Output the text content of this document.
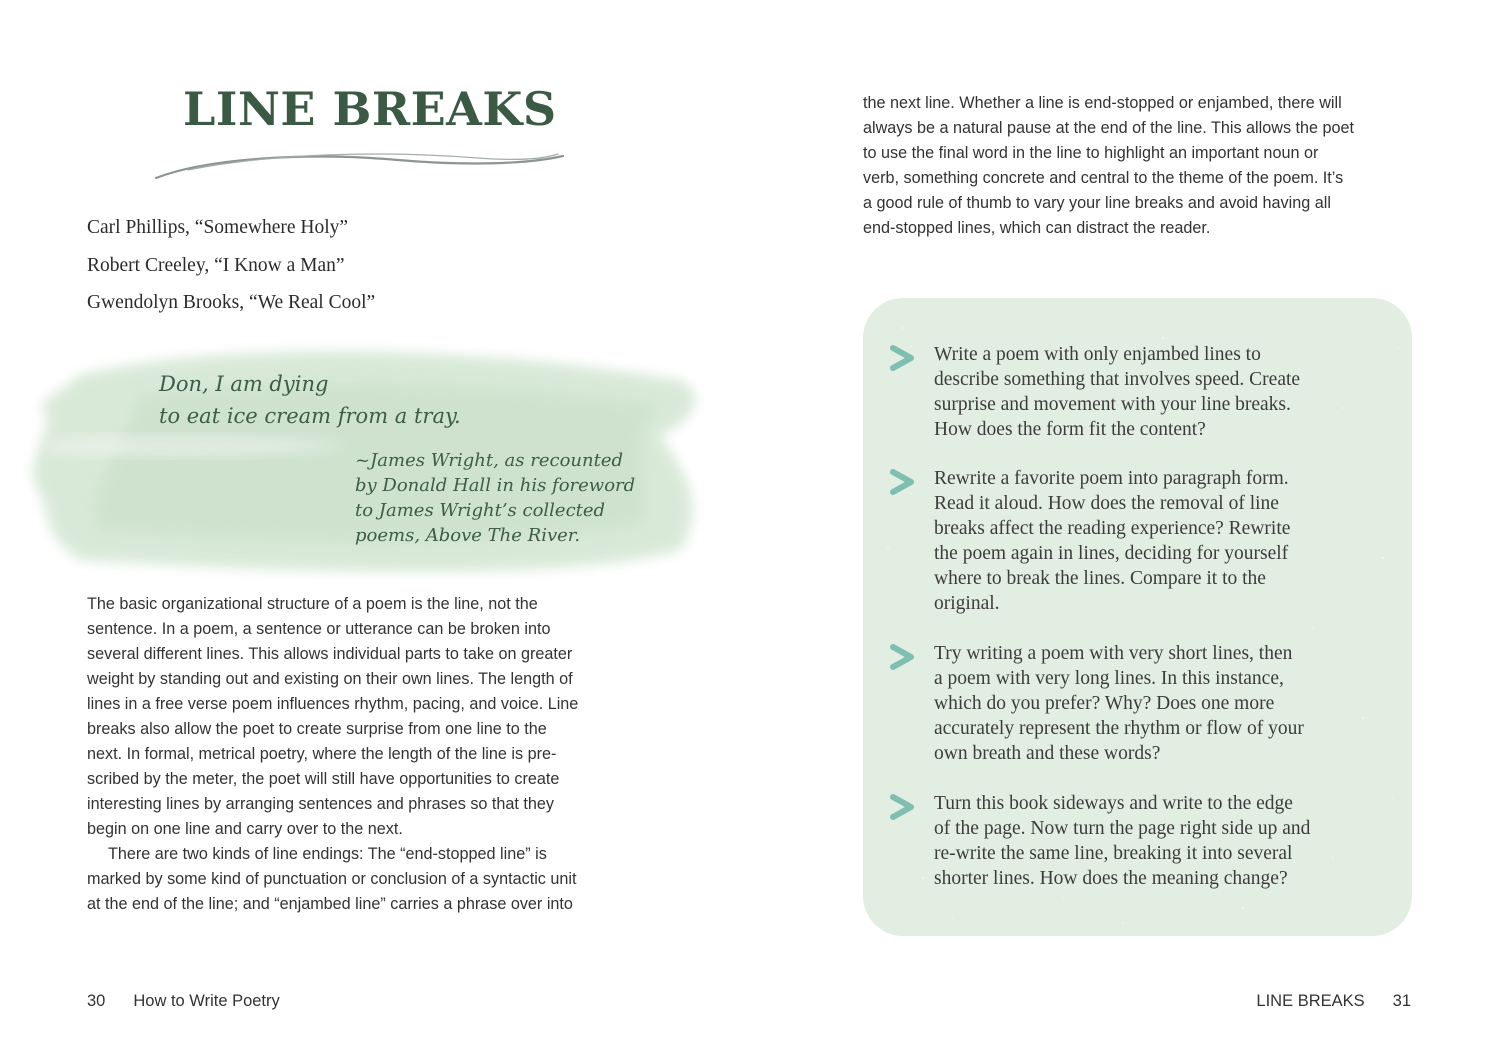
LINE BREAKS
Carl Phillips, “Somewhere Holy”
Robert Creeley, “I Know a Man”
Gwendolyn Brooks, “We Real Cool”
Don, I am dying
to eat ice cream from a tray.
~James Wright, as recounted
by Donald Hall in his foreword
to James Wright’s collected
poems, Above The River.
The basic organizational structure of a poem is the line, not the
sentence. In a poem, a sentence or utterance can be broken into
several different lines. This allows individual parts to take on greater
weight by standing out and existing on their own lines. The length of
lines in a free verse poem influences rhythm, pacing, and voice. Line
breaks also allow the poet to create surprise from one line to the
next. In formal, metrical poetry, where the length of the line is pre-
scribed by the meter, the poet will still have opportunities to create
interesting lines by arranging sentences and phrases so that they
begin on one line and carry over to the next.
There are two kinds of line endings: The “end-stopped line” is
marked by some kind of punctuation or conclusion of a syntactic unit
at the end of the line; and “enjambed line” carries a phrase over into
30 How to Write Poetry
the next line. Whether a line is end-stopped or enjambed, there will
always be a natural pause at the end of the line. This allows the poet
to use the final word in the line to highlight an important noun or
verb, something concrete and central to the theme of the poem. It’s
a good rule of thumb to vary your line breaks and avoid having all
end-stopped lines, which can distract the reader.
Write a poem with only enjambed lines to
describe something that involves speed. Create
surprise and movement with your line breaks.
How does the form fit the content?
Rewrite a favorite poem into paragraph form.
Read it aloud. How does the removal of line
breaks affect the reading experience? Rewrite
the poem again in lines, deciding for yourself
where to break the lines. Compare it to the
original.
Try writing a poem with very short lines, then
a poem with very long lines. In this instance,
which do you prefer? Why? Does one more
accurately represent the rhythm or flow of your
own breath and these words?
Turn this book sideways and write to the edge
of the page. Now turn the page right side up and
re-write the same line, breaking it into several
shorter lines. How does the meaning change?
LINE BREAKS 31
